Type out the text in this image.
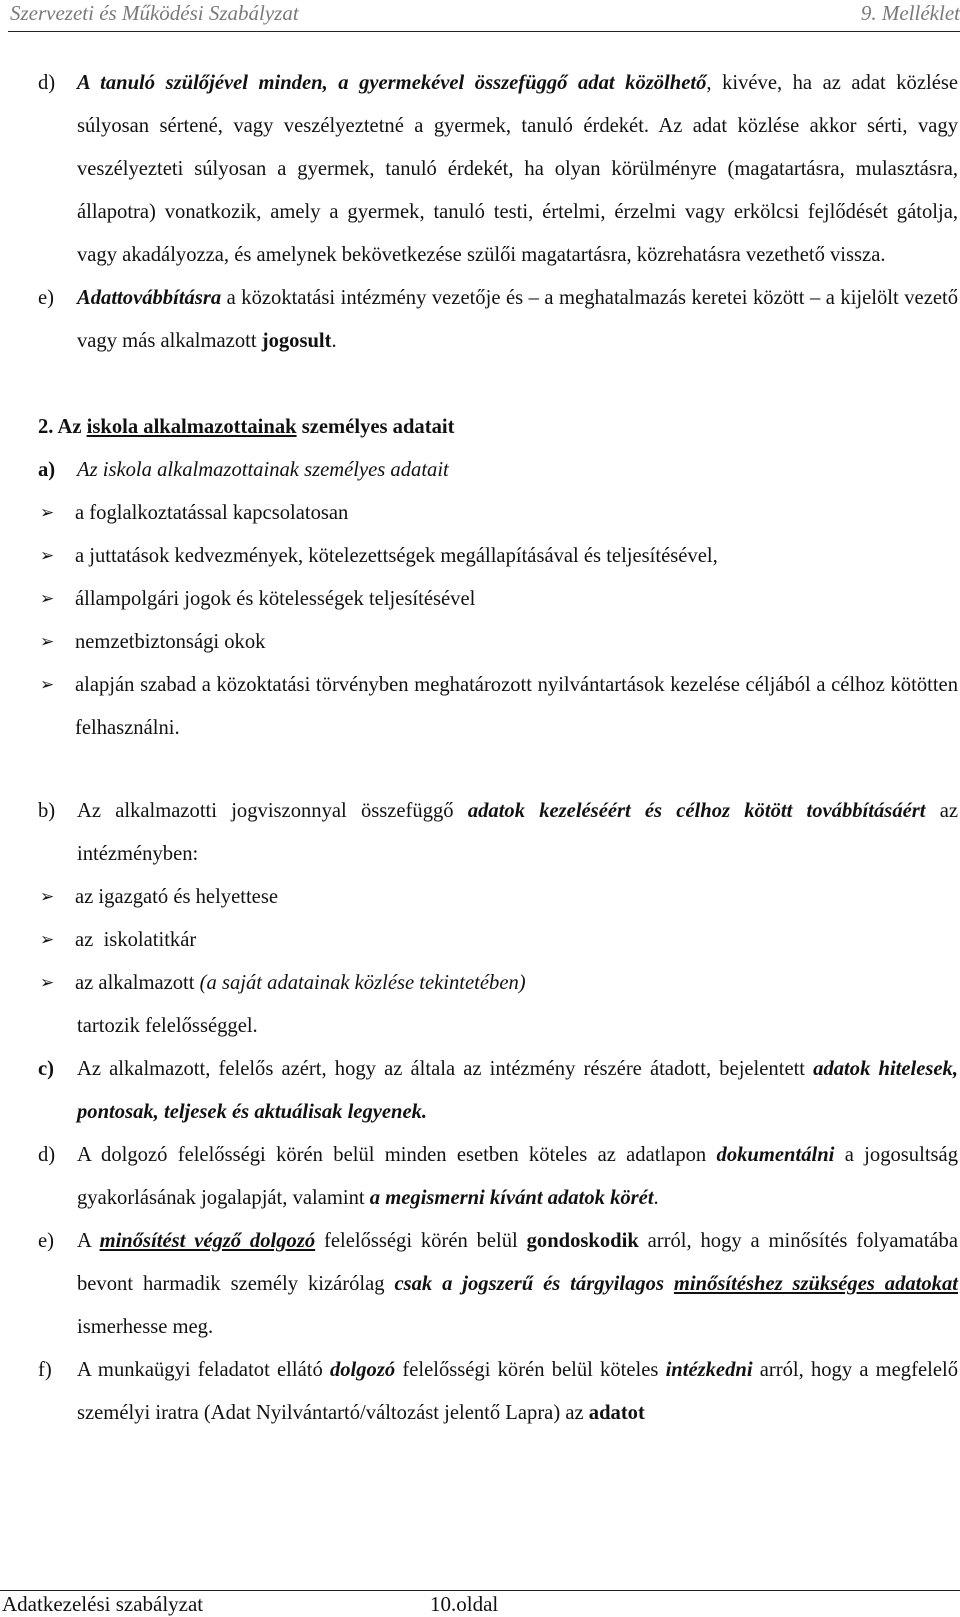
Szervezeti és Működési Szabályzat	9. Melléklet
d) A tanuló szülőjével minden, a gyermekével összefüggő adat közölhető, kivéve, ha az adat közlése súlyosan sértené, vagy veszélyeztetné a gyermek, tanuló érdekét. Az adat közlése akkor sérti, vagy veszélyezteti súlyosan a gyermek, tanuló érdekét, ha olyan körülményre (magatartásra, mulasztásra, állapotra) vonatkozik, amely a gyermek, tanuló testi, értelmi, érzelmi vagy erkölcsi fejlődését gátolja, vagy akadályozza, és amelynek bekövetkezése szülői magatartásra, közrehatásra vezethető vissza.
e) Adattovábbításra a közoktatási intézmény vezetője és – a meghatalmazás keretei között – a kijelölt vezető vagy más alkalmazott jogosult.
2. Az iskola alkalmazottainak személyes adatait
a) Az iskola alkalmazottainak személyes adatait
➢ a foglalkoztatással kapcsolatosan
➢ a juttatások kedvezmények, kötelezettségek megállapításával és teljesítésével,
➢ állampolgári jogok és kötelességek teljesítésével
➢ nemzetbiztonsági okok
➢ alapján szabad a közoktatási törvényben meghatározott nyilvántartások kezelése céljából a célhoz kötötten felhasználni.
b) Az alkalmazotti jogviszonnyal összefüggő adatok kezeléséért és célhoz kötött továbbításáért az intézményben:
➢ az igazgató és helyettese
➢ az  iskolatitkár
➢ az alkalmazott (a saját adatainak közlése tekintetében)

tartozik felelősséggel.

c) Az alkalmazott, felelős azért, hogy az általa az intézmény részére átadott, bejelentett adatok hitelesek, pontosak, teljesek és aktuálisak legyenek.
d) A dolgozó felelősségi körén belül minden esetben köteles az adatlapon dokumentálni a jogosultság gyakorlásának jogalapját, valamint a megismerni kívánt adatok körét.
e) A minősítést végző dolgozó felelősségi körén belül gondoskodik arról, hogy a minősítés folyamatába bevont harmadik személy kizárólag csak a jogszerű és tárgyilagos minősítéshez szükséges adatokat ismerhesse meg.
f) A munkaügyi feladatot ellátó dolgozó felelősségi körén belül köteles intézkedni arról, hogy a megfelelő személyi iratra (Adat Nyilvántartó/változást jelentő Lapra) az adatot
Adatkezelési szabályzat	10.oldal
